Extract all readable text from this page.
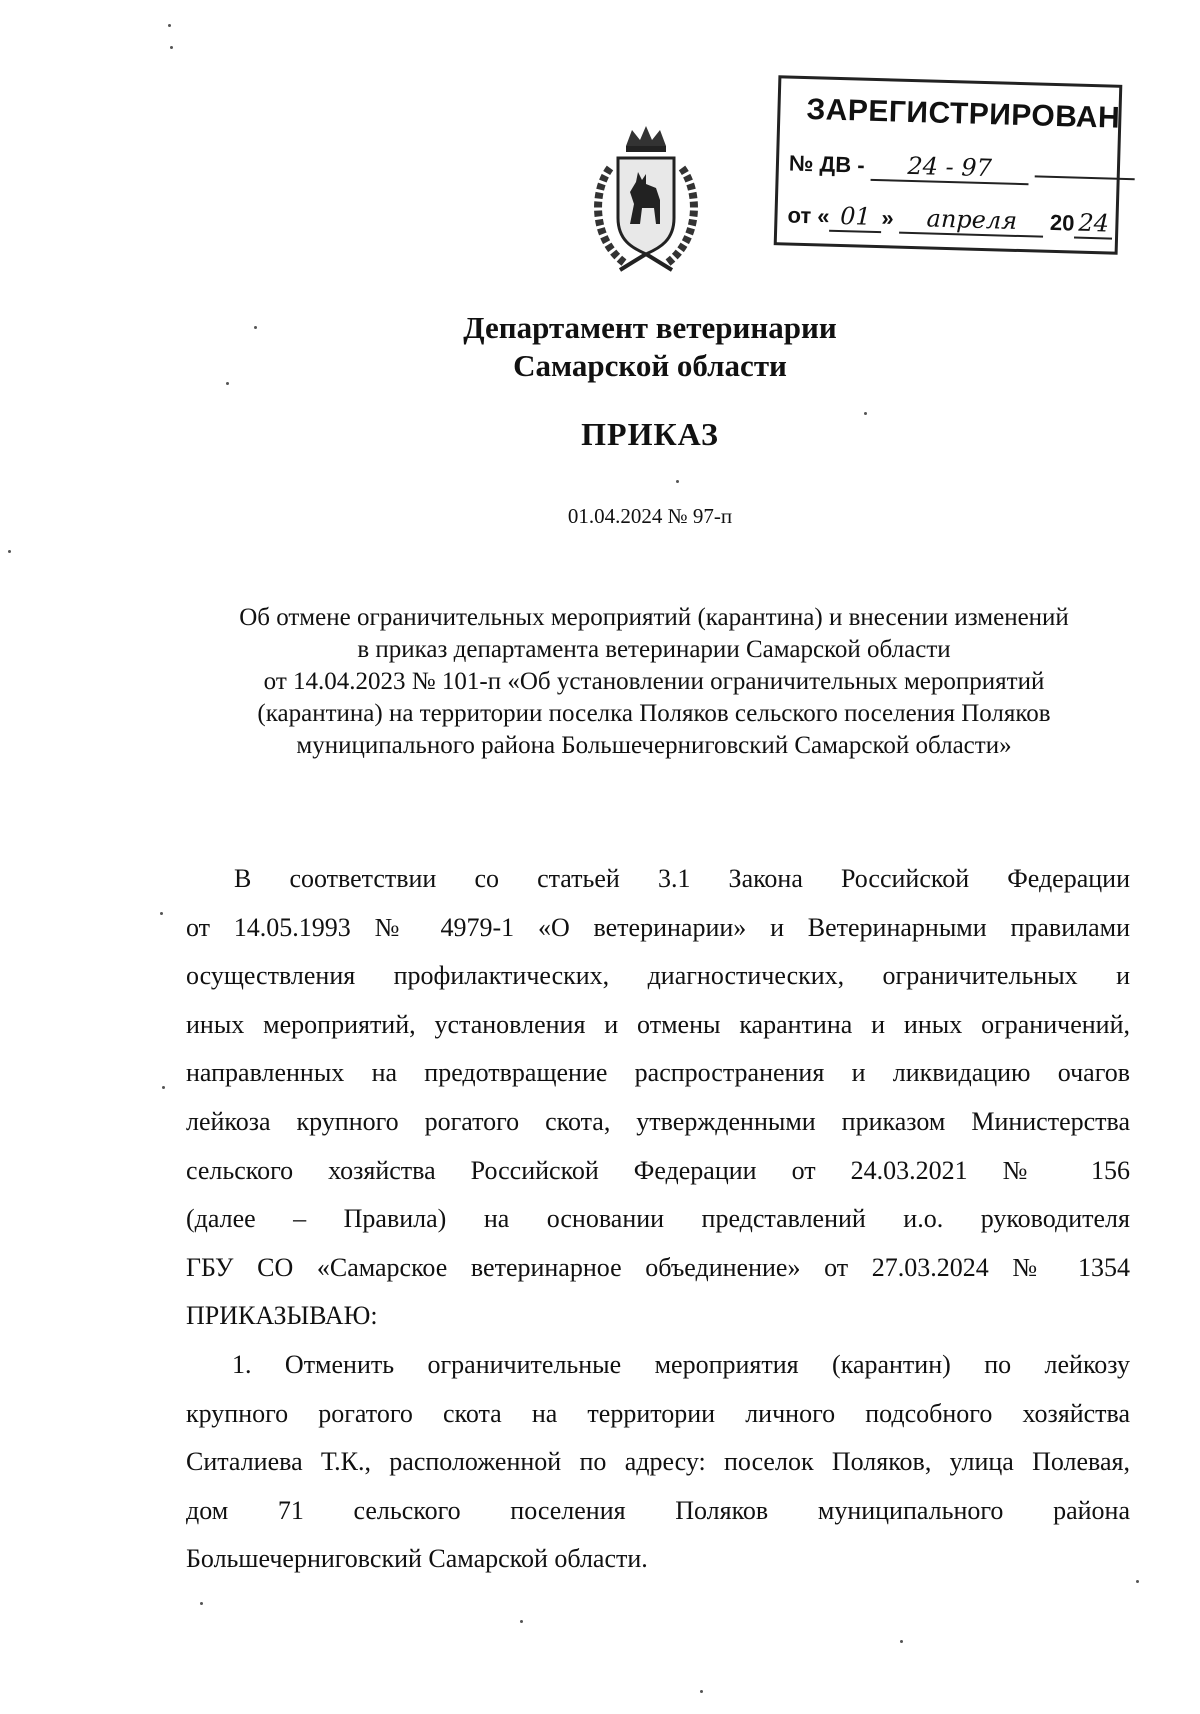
ЗАРЕГИСТРИРОВАН
№ ДВ - 24 - 97
от « 01 » апреля 20 24
Департамент ветеринарии
Самарской области
ПРИКАЗ
01.04.2024 № 97-п
Об отмене ограничительных мероприятий (карантина) и внесении изменений
в приказ департамента ветеринарии Самарской области
от 14.04.2023 № 101-п «Об установлении ограничительных мероприятий
(карантина) на территории поселка Поляков сельского поселения Поляков
муниципального района Большечерниговский Самарской области»
В соответствии со статьей 3.1 Закона Российской Федерации
от 14.05.1993 № 4979-1 «О ветеринарии» и Ветеринарными правилами
осуществления профилактических, диагностических, ограничительных и
иных мероприятий, установления и отмены карантина и иных ограничений,
направленных на предотвращение распространения и ликвидацию очагов
лейкоза крупного рогатого скота, утвержденными приказом Министерства
сельского хозяйства Российской Федерации от 24.03.2021 № 156
(далее – Правила) на основании представлений и.о. руководителя
ГБУ СО «Самарское ветеринарное объединение» от 27.03.2024 № 1354
ПРИКАЗЫВАЮ:
1. Отменить ограничительные мероприятия (карантин) по лейкозу
крупного рогатого скота на территории личного подсобного хозяйства
Ситалиева Т.К., расположенной по адресу: поселок Поляков, улица Полевая,
дом 71 сельского поселения Поляков муниципального района
Большечерниговский Самарской области.
